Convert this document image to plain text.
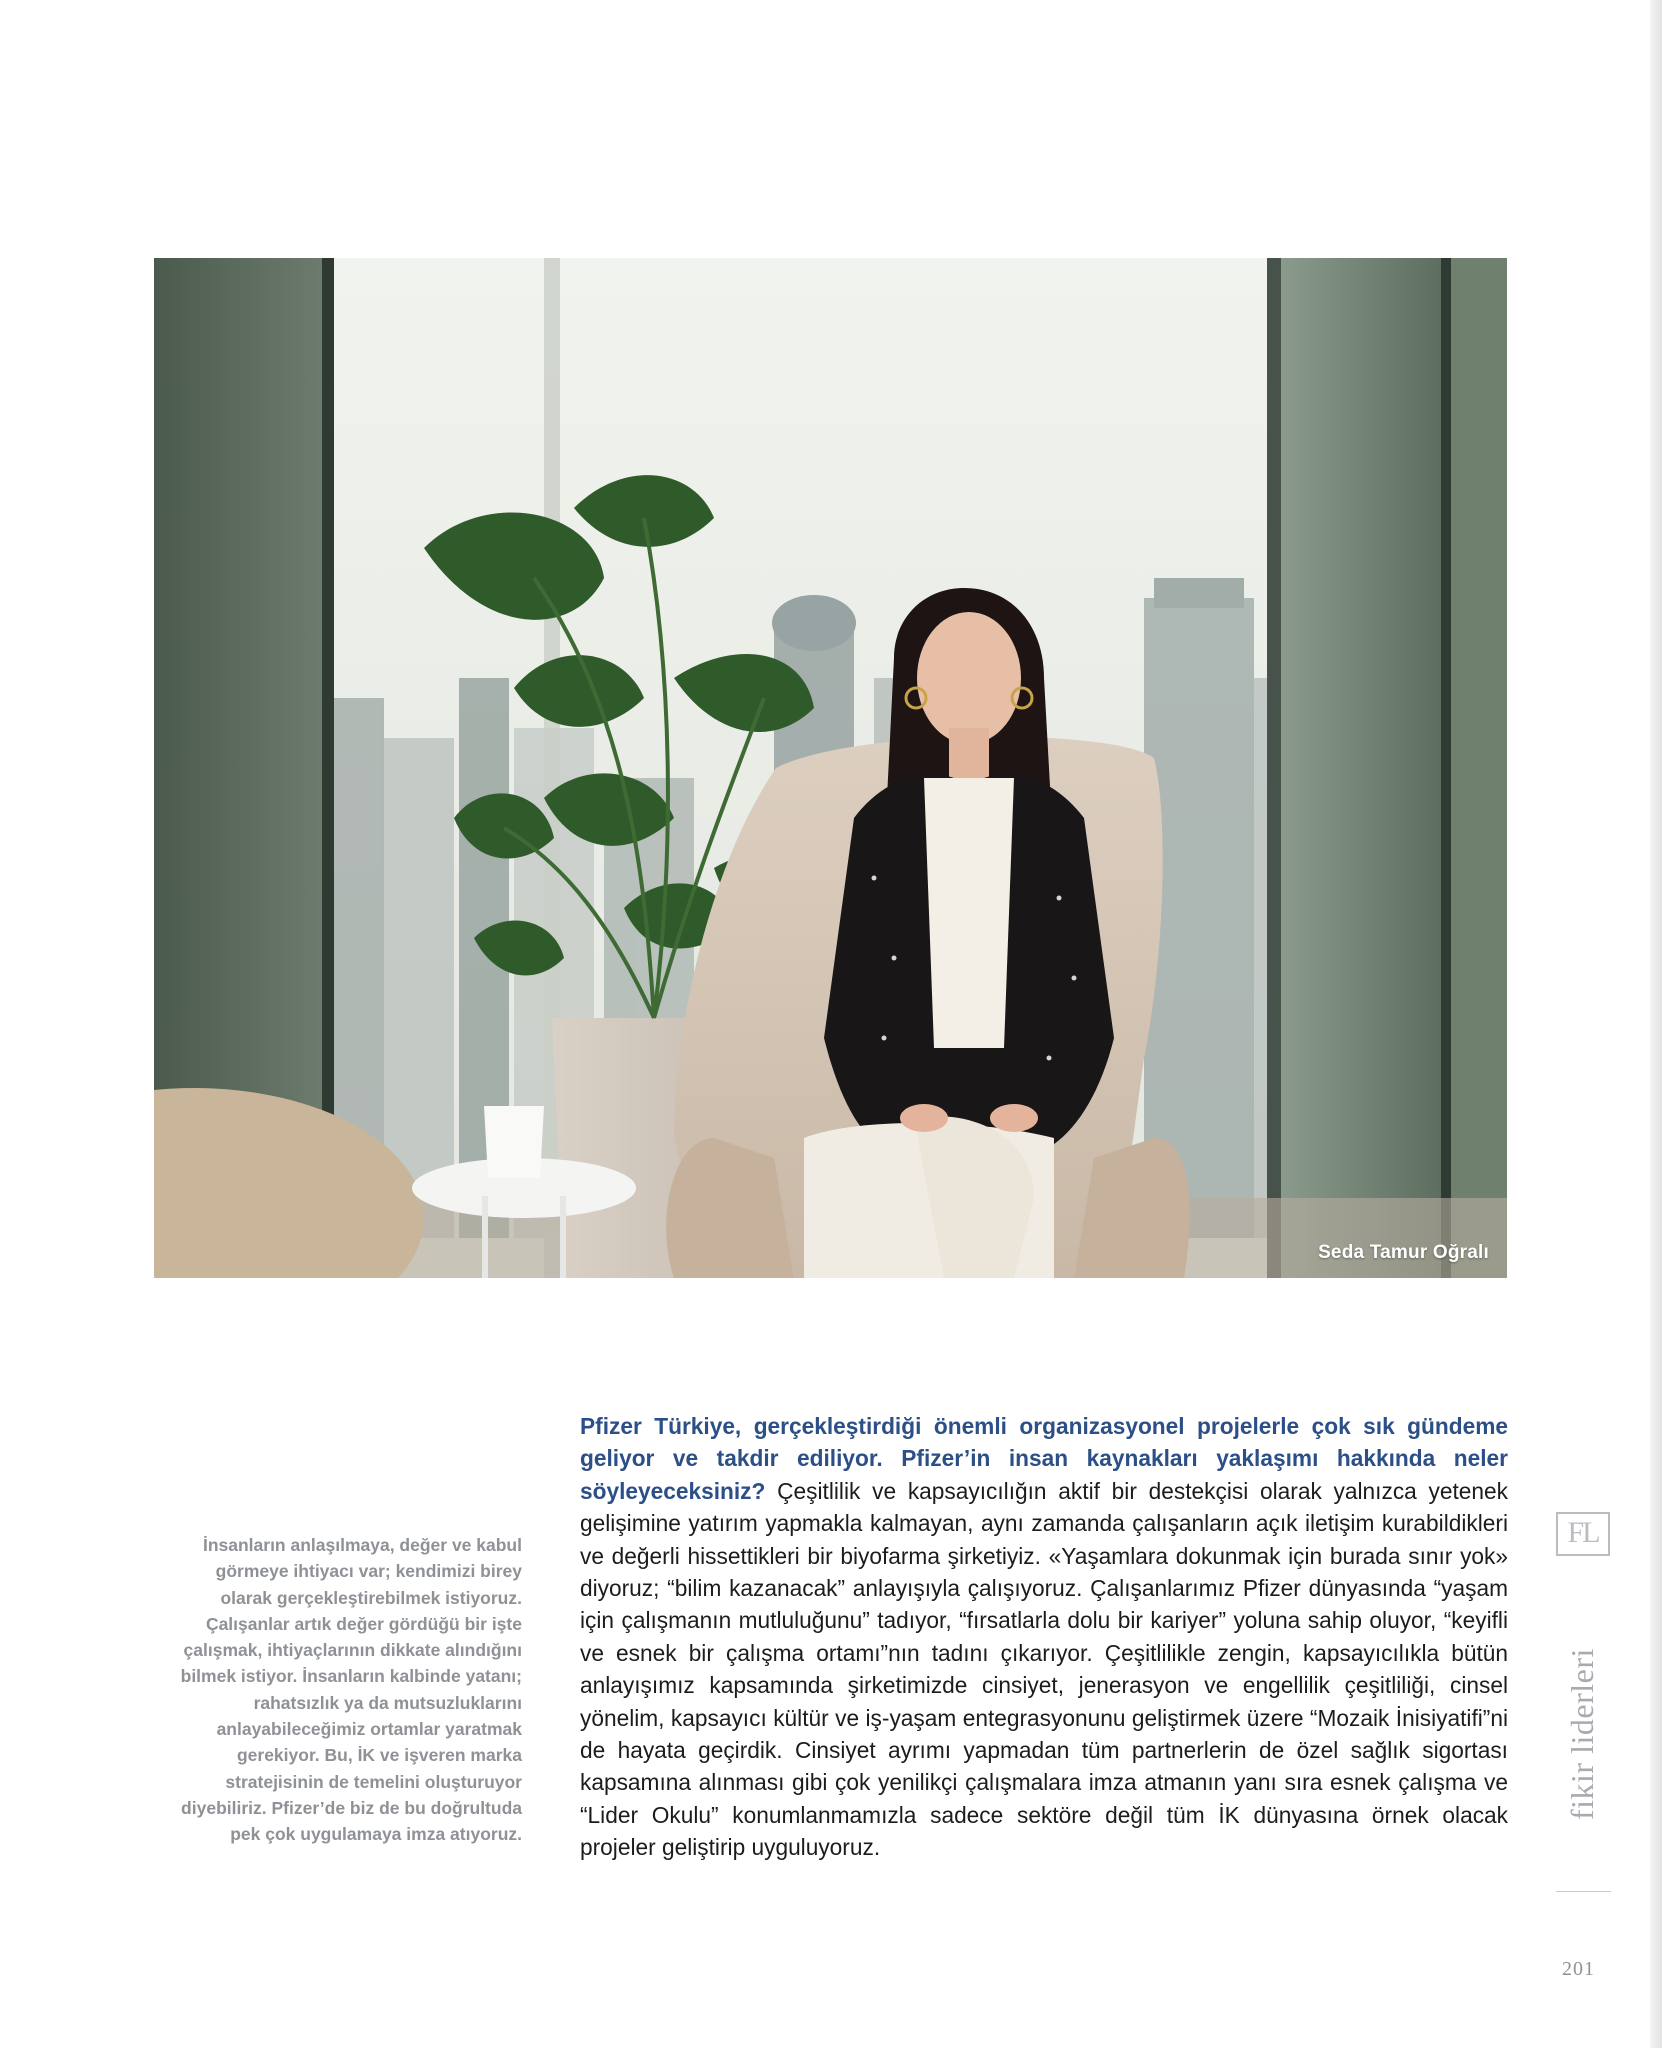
Seda Tamur Oğralı
İnsanların anlaşılmaya, değer ve kabul görmeye ihtiyacı var; kendimizi birey olarak gerçekleştirebilmek istiyoruz. Çalışanlar artık değer gördüğü bir işte çalışmak, ihtiyaçlarının dikkate alındığını bilmek istiyor. İnsanların kalbinde yatanı; rahatsızlık ya da mutsuzluklarını anlayabileceğimiz ortamlar yaratmak gerekiyor. Bu, İK ve işveren marka stratejisinin de temelini oluşturuyor diyebiliriz. Pfizer’de biz de bu doğrultuda pek çok uygulamaya imza atıyoruz.
Pfizer Türkiye, gerçekleştirdiği önemli organizasyonel projelerle çok sık gündeme geliyor ve takdir ediliyor. Pfizer’in insan kaynakları yaklaşımı hakkında neler söyleyeceksiniz? Çeşitlilik ve kapsayıcılığın aktif bir destekçisi olarak yalnızca yetenek gelişimine yatırım yapmakla kalmayan, aynı zamanda çalışanların açık iletişim kurabildikleri ve değerli hissettikleri bir biyofarma şirketiyiz. «Yaşamlara dokunmak için burada sınır yok» diyoruz; “bilim kazanacak” anlayışıyla çalışıyoruz. Çalışanlarımız Pfizer dünyasında “yaşam için çalışmanın mutluluğunu” tadıyor, “fırsatlarla dolu bir kariyer” yoluna sahip oluyor, “keyifli ve esnek bir çalışma ortamı”nın tadını çıkarıyor. Çeşitlilikle zengin, kapsayıcılıkla bütün anlayışımız kapsamında şirketimizde cinsiyet, jenerasyon ve engellilik çeşitliliği, cinsel yönelim, kapsayıcı kültür ve iş-yaşam entegrasyonunu geliştirmek üzere “Mozaik İnisiyatifi”ni de hayata geçirdik. Cinsiyet ayrımı yapmadan tüm partnerlerin de özel sağlık sigortası kapsamına alınması gibi çok yenilikçi çalışmalara imza atmanın yanı sıra esnek çalışma ve “Lider Okulu” konumlanmamızla sadece sektöre değil tüm İK dünyasına örnek olacak projeler geliştirip uyguluyoruz.
FL
fikir liderleri
201
